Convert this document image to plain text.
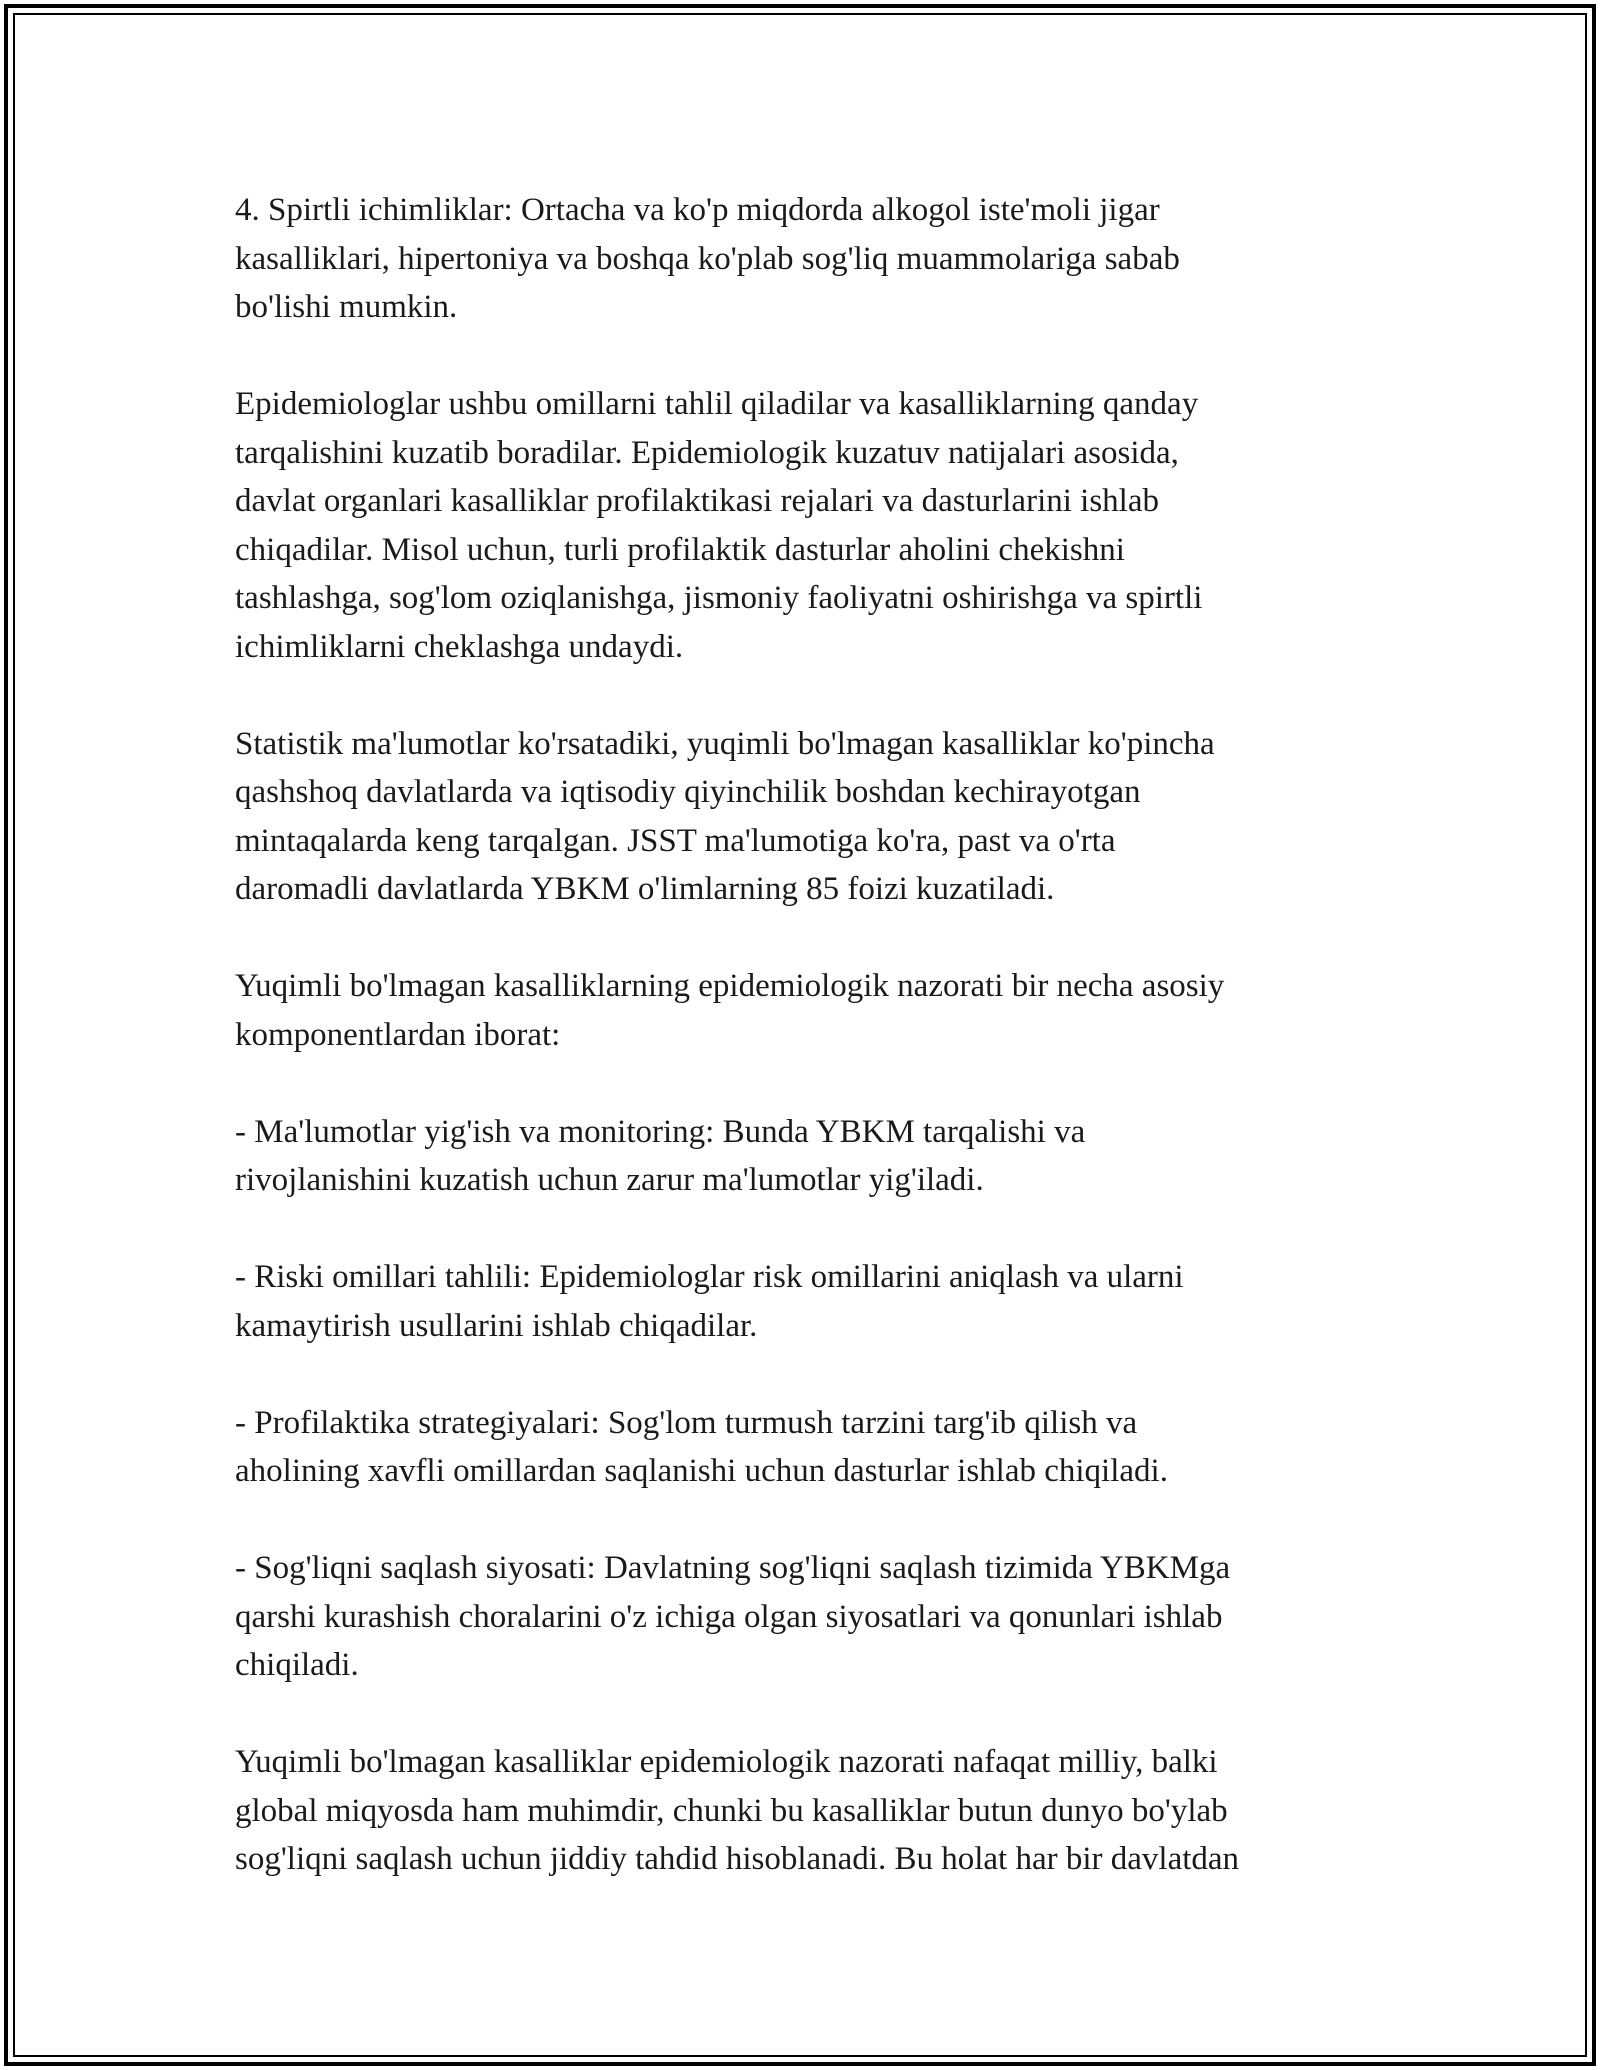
4. Spirtli ichimliklar: Ortacha va ko'p miqdorda alkogol iste'moli jigar
kasalliklari, hipertoniya va boshqa ko'plab sog'liq muammolariga sabab
bo'lishi mumkin.

Epidemiologlar ushbu omillarni tahlil qiladilar va kasalliklarning qanday
tarqalishini kuzatib boradilar. Epidemiologik kuzatuv natijalari asosida,
davlat organlari kasalliklar profilaktikasi rejalari va dasturlarini ishlab
chiqadilar. Misol uchun, turli profilaktik dasturlar aholini chekishni
tashlashga, sog'lom oziqlanishga, jismoniy faoliyatni oshirishga va spirtli
ichimliklarni cheklashga undaydi.

Statistik ma'lumotlar ko'rsatadiki, yuqimli bo'lmagan kasalliklar ko'pincha
qashshoq davlatlarda va iqtisodiy qiyinchilik boshdan kechirayotgan
mintaqalarda keng tarqalgan. JSST ma'lumotiga ko'ra, past va o'rta
daromadli davlatlarda YBKM o'limlarning 85 foizi kuzatiladi.

Yuqimli bo'lmagan kasalliklarning epidemiologik nazorati bir necha asosiy
komponentlardan iborat:

- Ma'lumotlar yig'ish va monitoring: Bunda YBKM tarqalishi va
rivojlanishini kuzatish uchun zarur ma'lumotlar yig'iladi.

- Riski omillari tahlili: Epidemiologlar risk omillarini aniqlash va ularni
kamaytirish usullarini ishlab chiqadilar.

- Profilaktika strategiyalari: Sog'lom turmush tarzini targ'ib qilish va
aholining xavfli omillardan saqlanishi uchun dasturlar ishlab chiqiladi.

- Sog'liqni saqlash siyosati: Davlatning sog'liqni saqlash tizimida YBKMga
qarshi kurashish choralarini o'z ichiga olgan siyosatlari va qonunlari ishlab
chiqiladi.

Yuqimli bo'lmagan kasalliklar epidemiologik nazorati nafaqat milliy, balki
global miqyosda ham muhimdir, chunki bu kasalliklar butun dunyo bo'ylab
sog'liqni saqlash uchun jiddiy tahdid hisoblanadi. Bu holat har bir davlatdan
